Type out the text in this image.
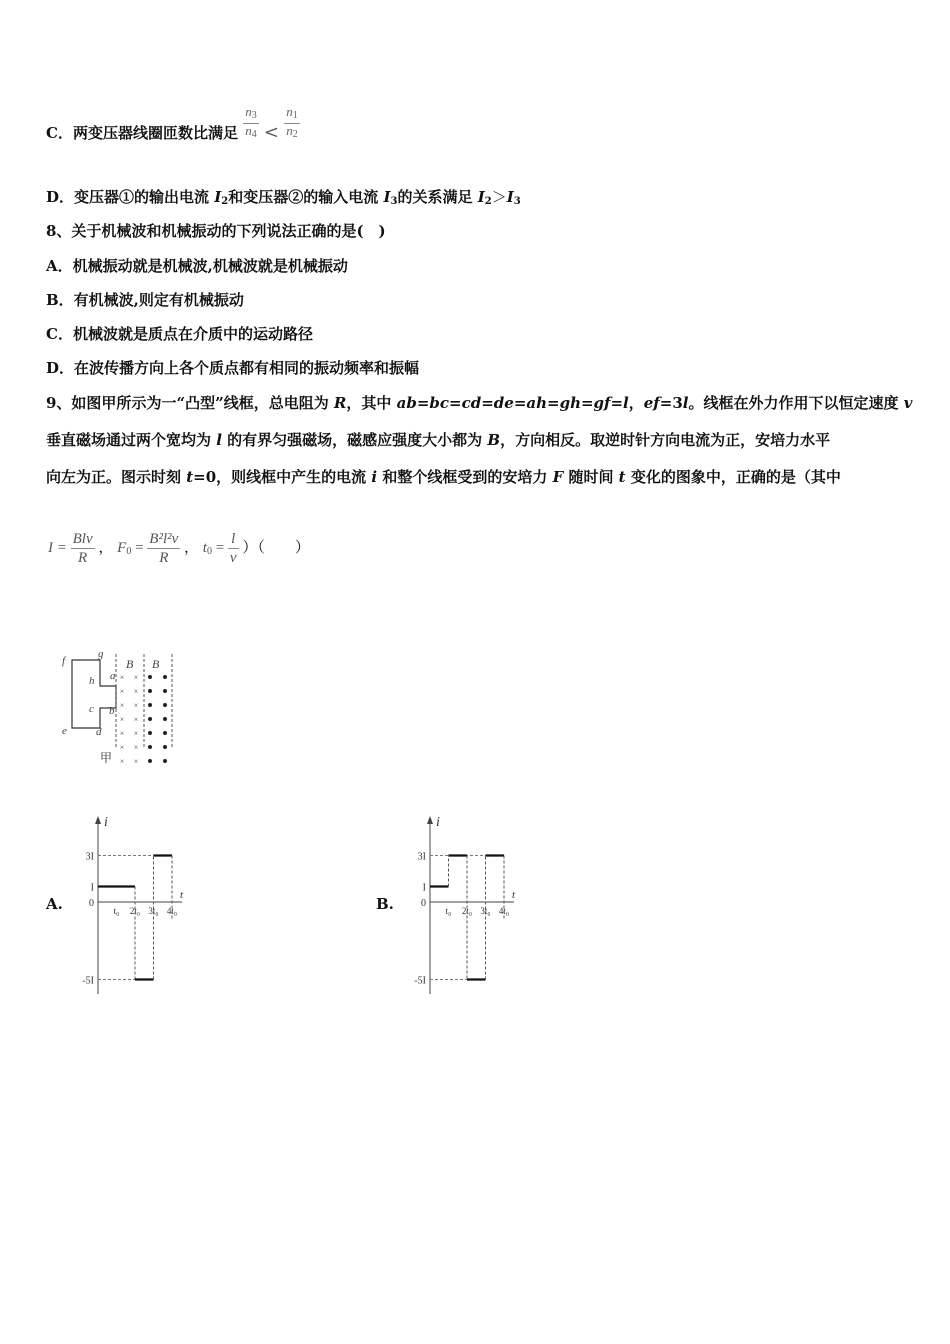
C．两变压器线圈匝数比满足 $\frac{n_3}{n_4} < \frac{n_1}{n_2}$
D．变压器①的输出电流 $I_2$和变压器②的输入电流 $I_3$的关系满足 $I_2>I_3$
8、关于机械波和机械振动的下列说法正确的是(　)
A．机械振动就是机械波,机械波就是机械振动
B．有机械波,则定有机械振动
C．机械波就是质点在介质中的运动路径
D．在波传播方向上各个质点都有相同的振动频率和振幅
9、如图甲所示为一“凸型”线框，总电阻为 R，其中 ab=bc=cd=de=ah=gh=gf=l，ef=3l。线框在外力作用下以恒定速度 v
垂直磁场通过两个宽均为 l 的有界匀强磁场，磁感应强度大小都为 B，方向相反。取逆时针方向电流为正，安培力水平
向左为正。图示时刻 t=0，则线框中产生的电流 i 和整个线框受到的安培力 F 随时间 t 变化的图象中，正确的是（其中
$I = \frac{\text{Blv}}{R}$ ， $F_0 = \frac{\text{B²l²v}}{R}$ ， $t_0 = \frac{l}{v}$ ）（　　）
f
g
h a
c b
e	d
B B
× ×
× ×
× ×
× ×
× ×
× ×
× ×
甲
A.	B.
i
t
3I
I
0
-5I
t₀ 2t₀ 3t₀ 4t₀
i
t
3I
I
0
-5I
t₀ 2t₀ 3t₀ 4t₀
